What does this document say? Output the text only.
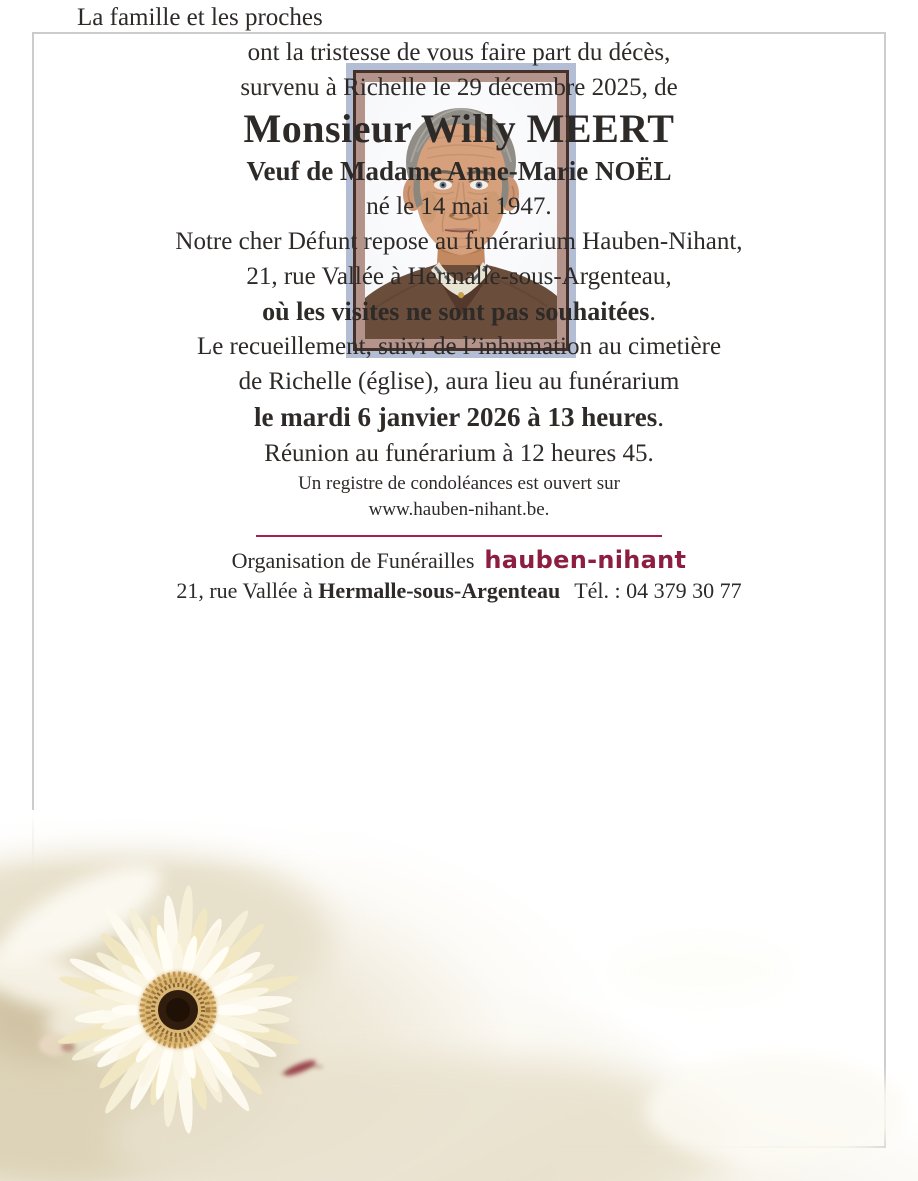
La famille et les proches

ont la tristesse de vous faire part du décès,

survenu à Richelle le 29 décembre 2025, de

Monsieur Willy MEERT

Veuf de Madame Anne-Marie NOËL

né le 14 mai 1947.

Notre cher Défunt repose au funérarium Hauben-Nihant,

21, rue Vallée à Hermalle-sous-Argenteau,

où les visites ne sont pas souhaitées.

Le recueillement, suivi de l’inhumation au cimetière

de Richelle (église), aura lieu au funérarium

le mardi 6 janvier 2026 à 13 heures.

Réunion au funérarium à 12 heures 45.

Un registre de condoléances est ouvert sur

www.hauben-nihant.be.

Organisation de Funérailles hauben-nihant

21, rue Vallée à Hermalle-sous-Argenteau Tél. : 04 379 30 77
